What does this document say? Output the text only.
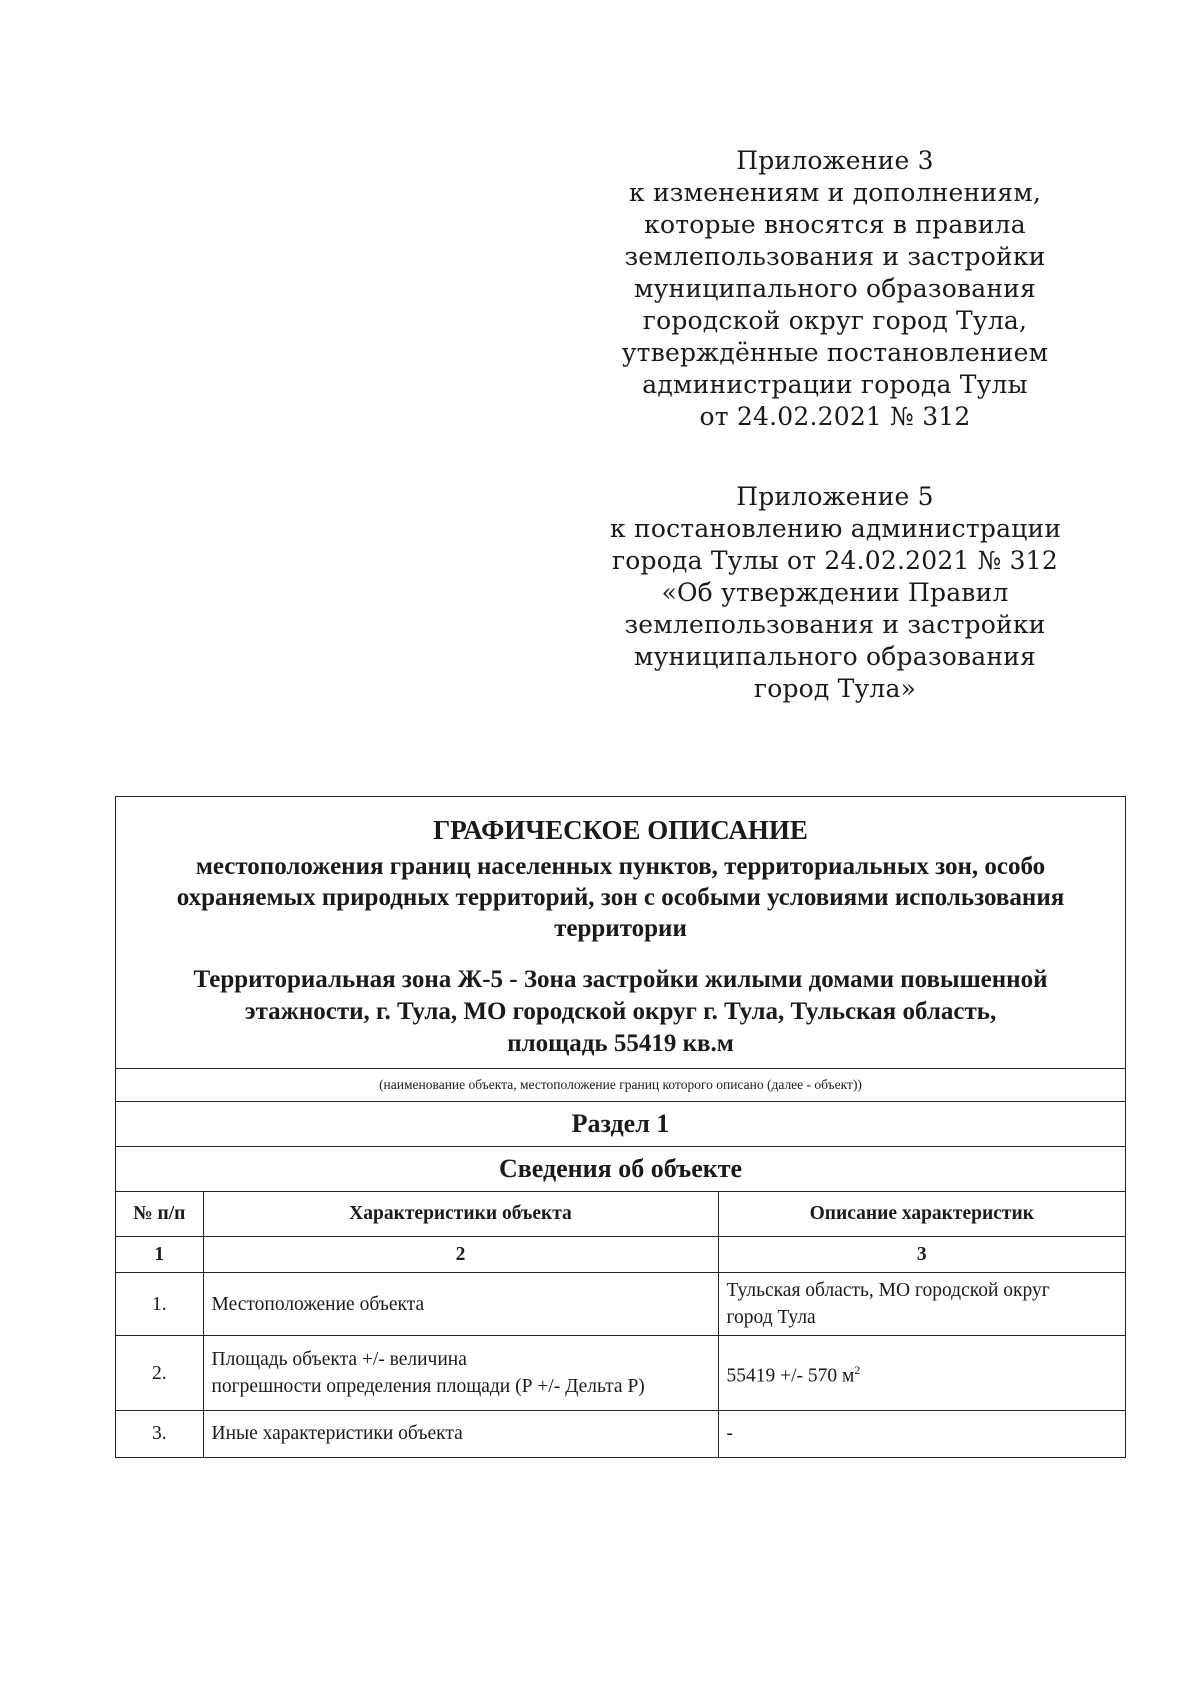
Приложение 3
к изменениям и дополнениям,
которые вносятся в правила
землепользования и застройки
муниципального образования
городской округ город Тула,
утверждённые постановлением
администрации города Тулы
от 24.02.2021 № 312
Приложение 5
к постановлению администрации
города Тулы от 24.02.2021 № 312
«Об утверждении Правил
землепользования и застройки
муниципального образования
город Тула»
ГРАФИЧЕСКОЕ ОПИСАНИЕ
местоположения границ населенных пунктов, территориальных зон, особо
охраняемых природных территорий, зон с особыми условиями использования
территории
Территориальная зона Ж-5 - Зона застройки жилыми домами повышенной
этажности, г. Тула, МО городской округ г. Тула, Тульская область,
площадь 55419 кв.м
(наименование объекта, местоположение границ которого описано (далее - объект))
Раздел 1
Сведения об объекте
№ п/п	Характеристики объекта	Описание характеристик
1	2	3
1.	Местоположение объекта	Тульская область, МО городской округ
город Тула

2.	Площадь объекта +/- величина
погрешности определения площади (Р +/- Дельта Р)	55419 +/- 570 $м^2$
3.	Иные характеристики объекта	-
